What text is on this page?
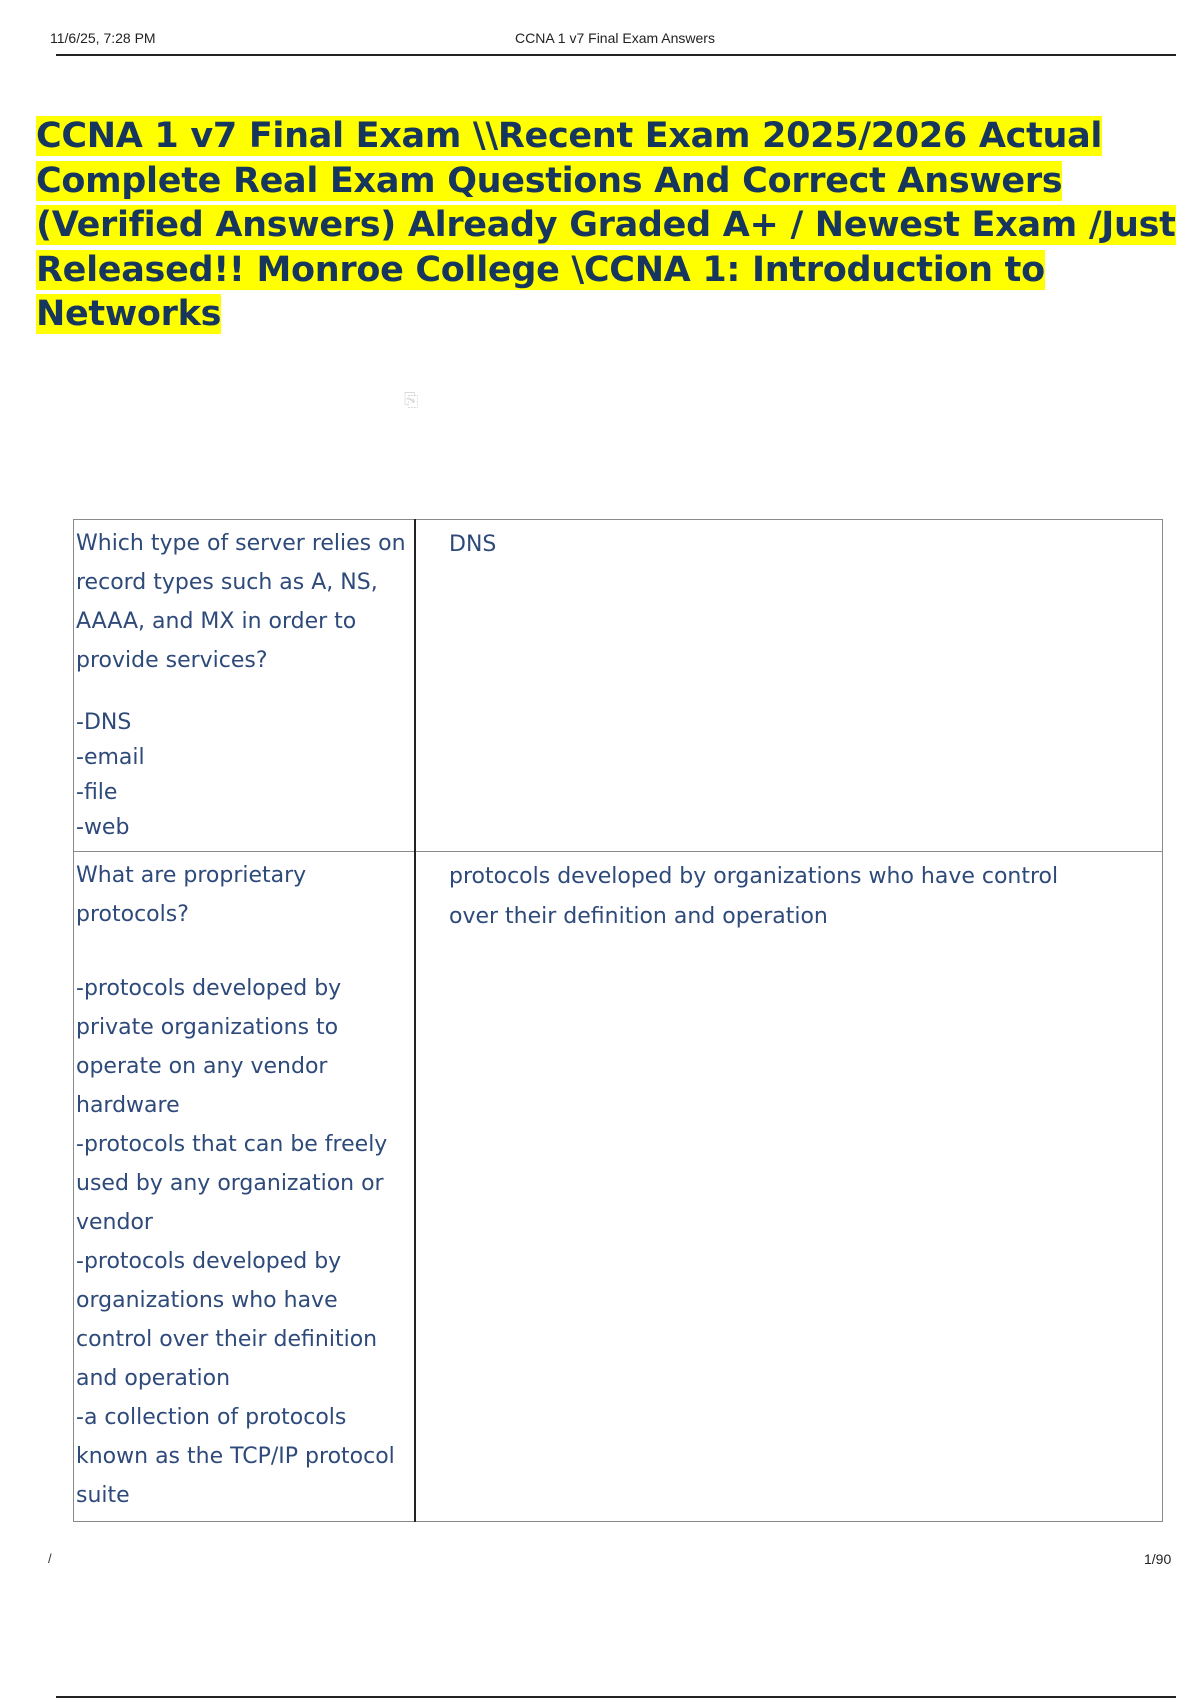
11/6/25, 7:28 PM	CCNA 1 v7 Final Exam Answers
CCNA 1 v7 Final Exam \\Recent Exam 2025/2026 Actual Complete Real Exam Questions And Correct Answers (Verified Answers) Already Graded A+ / Newest Exam /Just Released!! Monroe College \CCNA 1: Introduction to Networks
⎘
Which type of server relies on record types such as A, NS, AAAA, and MX in order to provide services?
-DNS
-email
-file
-web	DNS

What are proprietary protocols?
-protocols developed by private organizations to operate on any vendor hardware
-protocols that can be freely used by any organization or vendor
-protocols developed by organizations who have control over their definition and operation
-a collection of protocols known as the TCP/IP protocol suite	protocols developed by organizations who have control over their definition and operation
/	1/90
